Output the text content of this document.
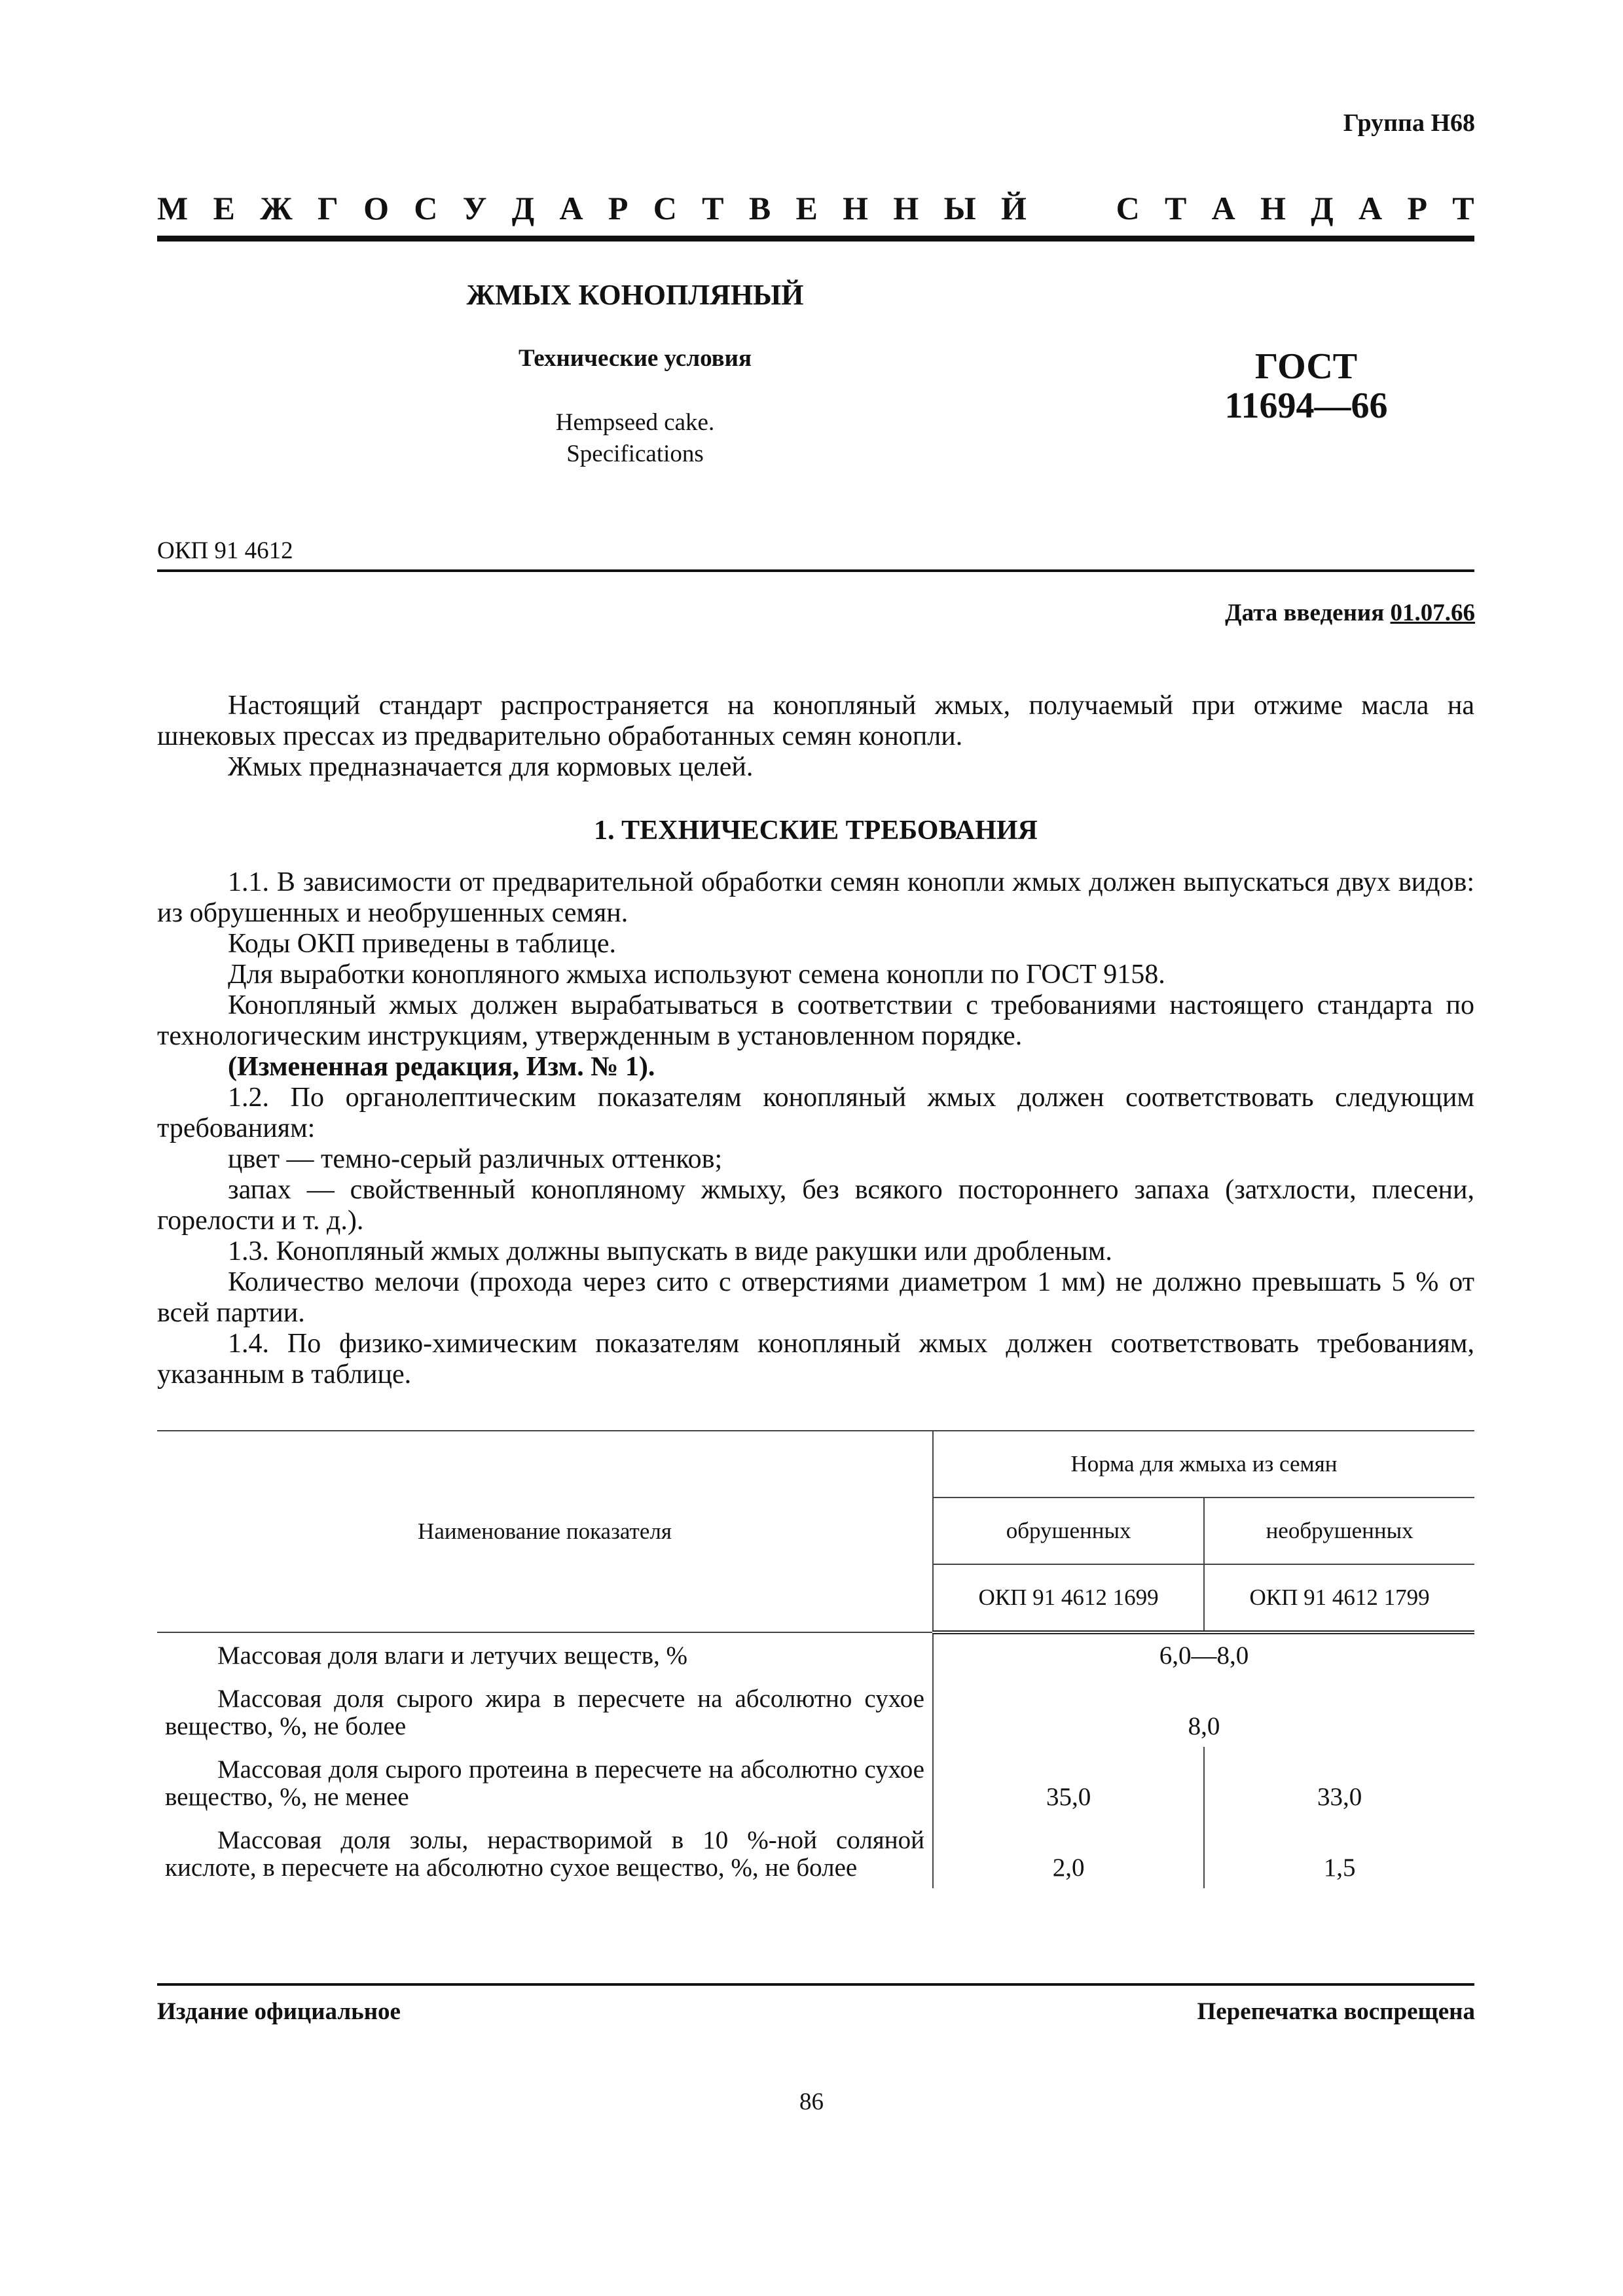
Группа Н68
М Е Ж Г О С У Д А Р С Т В Е Н Н Ы Й	С Т А Н Д А Р Т
ЖМЫХ КОНОПЛЯНЫЙ
Технические условия
Hempseed cake.
Specifications
ГОСТ
11694—66
ОКП 91 4612
Дата введения 01.07.66

Настоящий стандарт распространяется на конопляный жмых, получаемый при отжиме масла на шнековых прессах из предварительно обработанных семян конопли.

Жмых предназначается для кормовых целей.

1. ТЕХНИЧЕСКИЕ ТРЕБОВАНИЯ

1.1. В зависимости от предварительной обработки семян конопли жмых должен выпускаться двух видов: из обрушенных и необрушенных семян.

Коды ОКП приведены в таблице.

Для выработки конопляного жмыха используют семена конопли по ГОСТ 9158.

Конопляный жмых должен вырабатываться в соответствии с требованиями настоящего стандарта по технологическим инструкциям, утвержденным в установленном порядке.

(Измененная редакция, Изм. № 1).

1.2. По органолептическим показателям конопляный жмых должен соответствовать следующим требованиям:

цвет — темно-серый различных оттенков;

запах — свойственный конопляному жмыху, без всякого постороннего запаха (затхлости, плесени, горелости и т. д.).

1.3. Конопляный жмых должны выпускать в виде ракушки или дробленым.

Количество мелочи (прохода через сито с отверстиями диаметром 1 мм) не должно превышать 5 % от всей партии.

1.4. По физико-химическим показателям конопляный жмых должен соответствовать требованиям, указанным в таблице.

Наименование показателя	Норма для жмыха из семян	
	обрушенных	необрушенных
	ОКП 91 4612 1699	ОКП 91 4612 1799

Массовая доля влаги и летучих веществ, %	6,0—8,0	

Массовая доля сырого жира в пересчете на абсолютно сухое вещество, %, не более	8,0	

Массовая доля сырого протеина в пересчете на абсолютно сухое вещество, %, не менее	35,0	33,0

Массовая доля золы, нерастворимой в 10 %-ной соляной кислоте, в пересчете на абсолютно сухое вещество, %, не более	2,0	1,5
Издание официальное	Перепечатка воспрещена
86
